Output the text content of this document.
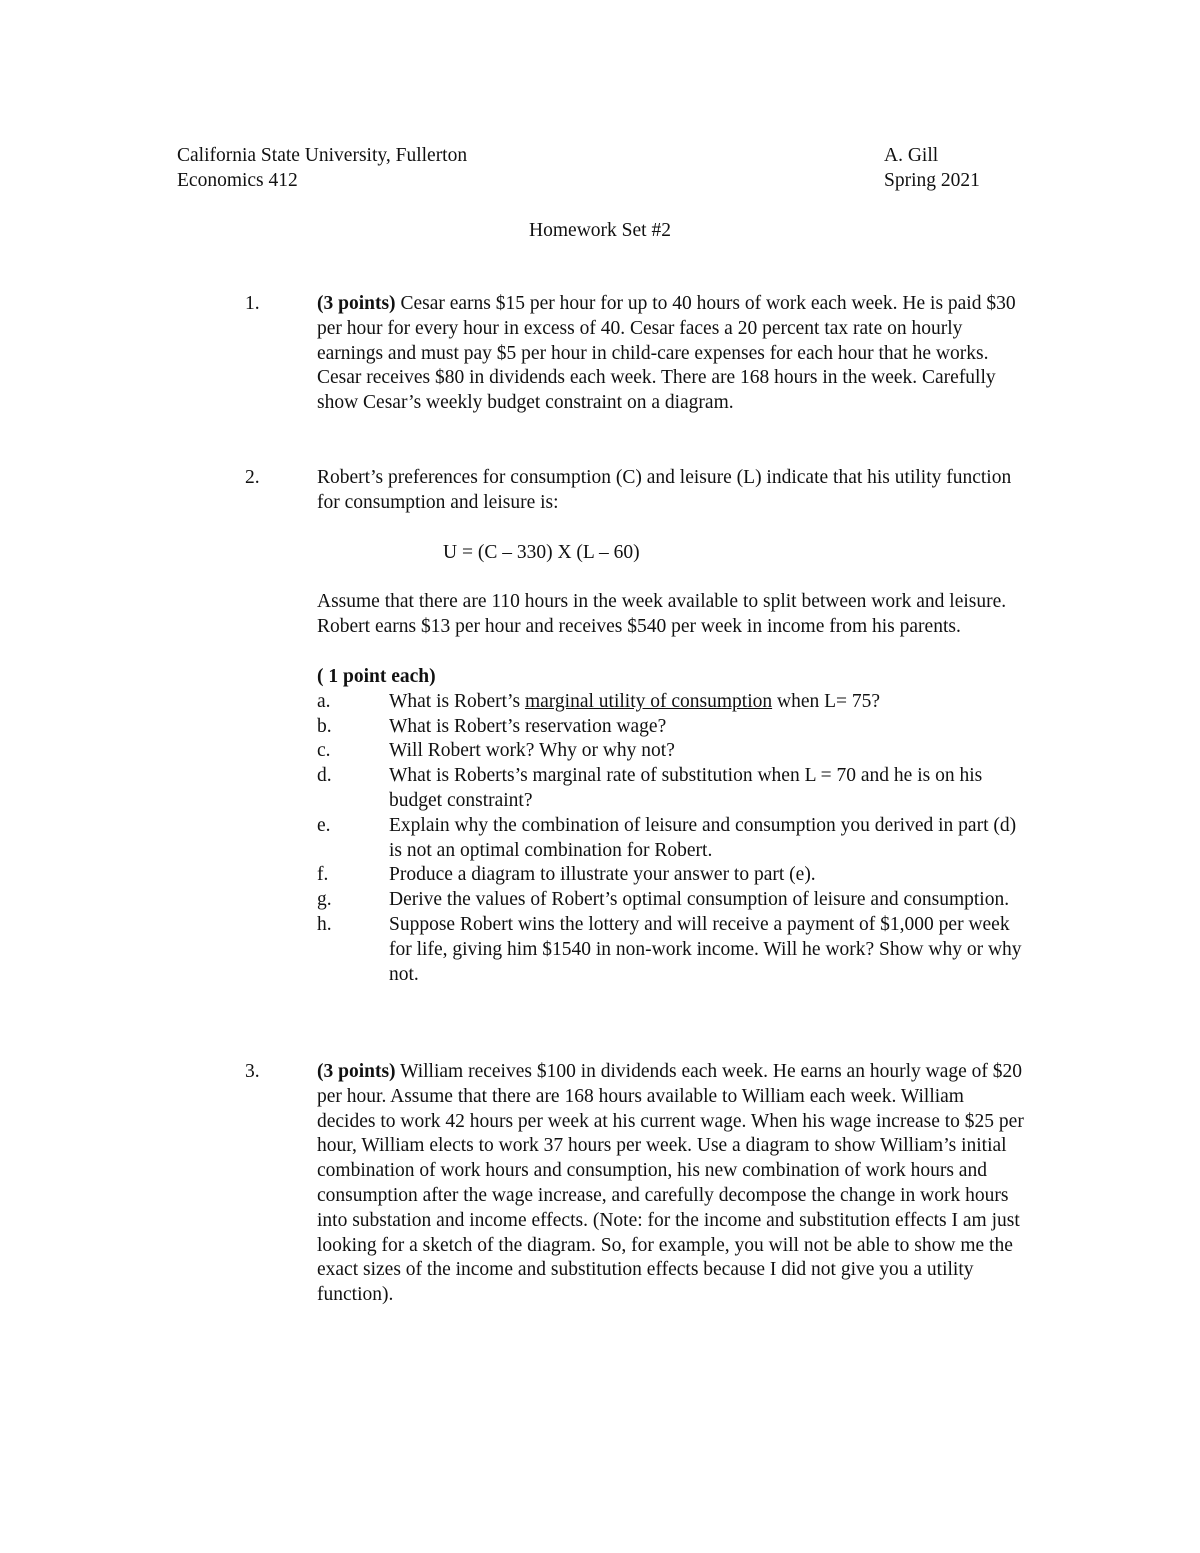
California State University, Fullerton	A. Gill
Economics 412	Spring 2021
Homework Set #2
1.	(3 points) Cesar earns $15 per hour for up to 40 hours of work each week. He is paid $30 per hour for every hour in excess of 40. Cesar faces a 20 percent tax rate on hourly earnings and must pay $5 per hour in child-care expenses for each hour that he works. Cesar receives $80 in dividends each week. There are 168 hours in the week. Carefully show Cesar’s weekly budget constraint on a diagram.

2.	Robert’s preferences for consumption (C) and leisure (L) indicate that his utility function for consumption and leisure is:

U = (C – 330) X (L – 60)

Assume that there are 110 hours in the week available to split between work and leisure. Robert earns $13 per hour and receives $540 per week in income from his parents.

( 1 point each)

a.	What is Robert’s marginal utility of consumption when L= 75?
b.	What is Robert’s reservation wage?
c.	Will Robert work? Why or why not?
d.	What is Roberts’s marginal rate of substitution when L = 70 and he is on his budget constraint?
e.	Explain why the combination of leisure and consumption you derived in part (d) is not an optimal combination for Robert.
f.	Produce a diagram to illustrate your answer to part (e).
g.	Derive the values of Robert’s optimal consumption of leisure and consumption.
h.	Suppose Robert wins the lottery and will receive a payment of $1,000 per week for life, giving him $1540 in non-work income. Will he work? Show why or why not.
3.	(3 points) William receives $100 in dividends each week. He earns an hourly wage of $20 per hour. Assume that there are 168 hours available to William each week. William decides to work 42 hours per week at his current wage. When his wage increase to $25 per hour, William elects to work 37 hours per week. Use a diagram to show William’s initial combination of work hours and consumption, his new combination of work hours and consumption after the wage increase, and carefully decompose the change in work hours into substation and income effects. (Note: for the income and substitution effects I am just looking for a sketch of the diagram. So, for example, you will not be able to show me the exact sizes of the income and substitution effects because I did not give you a utility function).
